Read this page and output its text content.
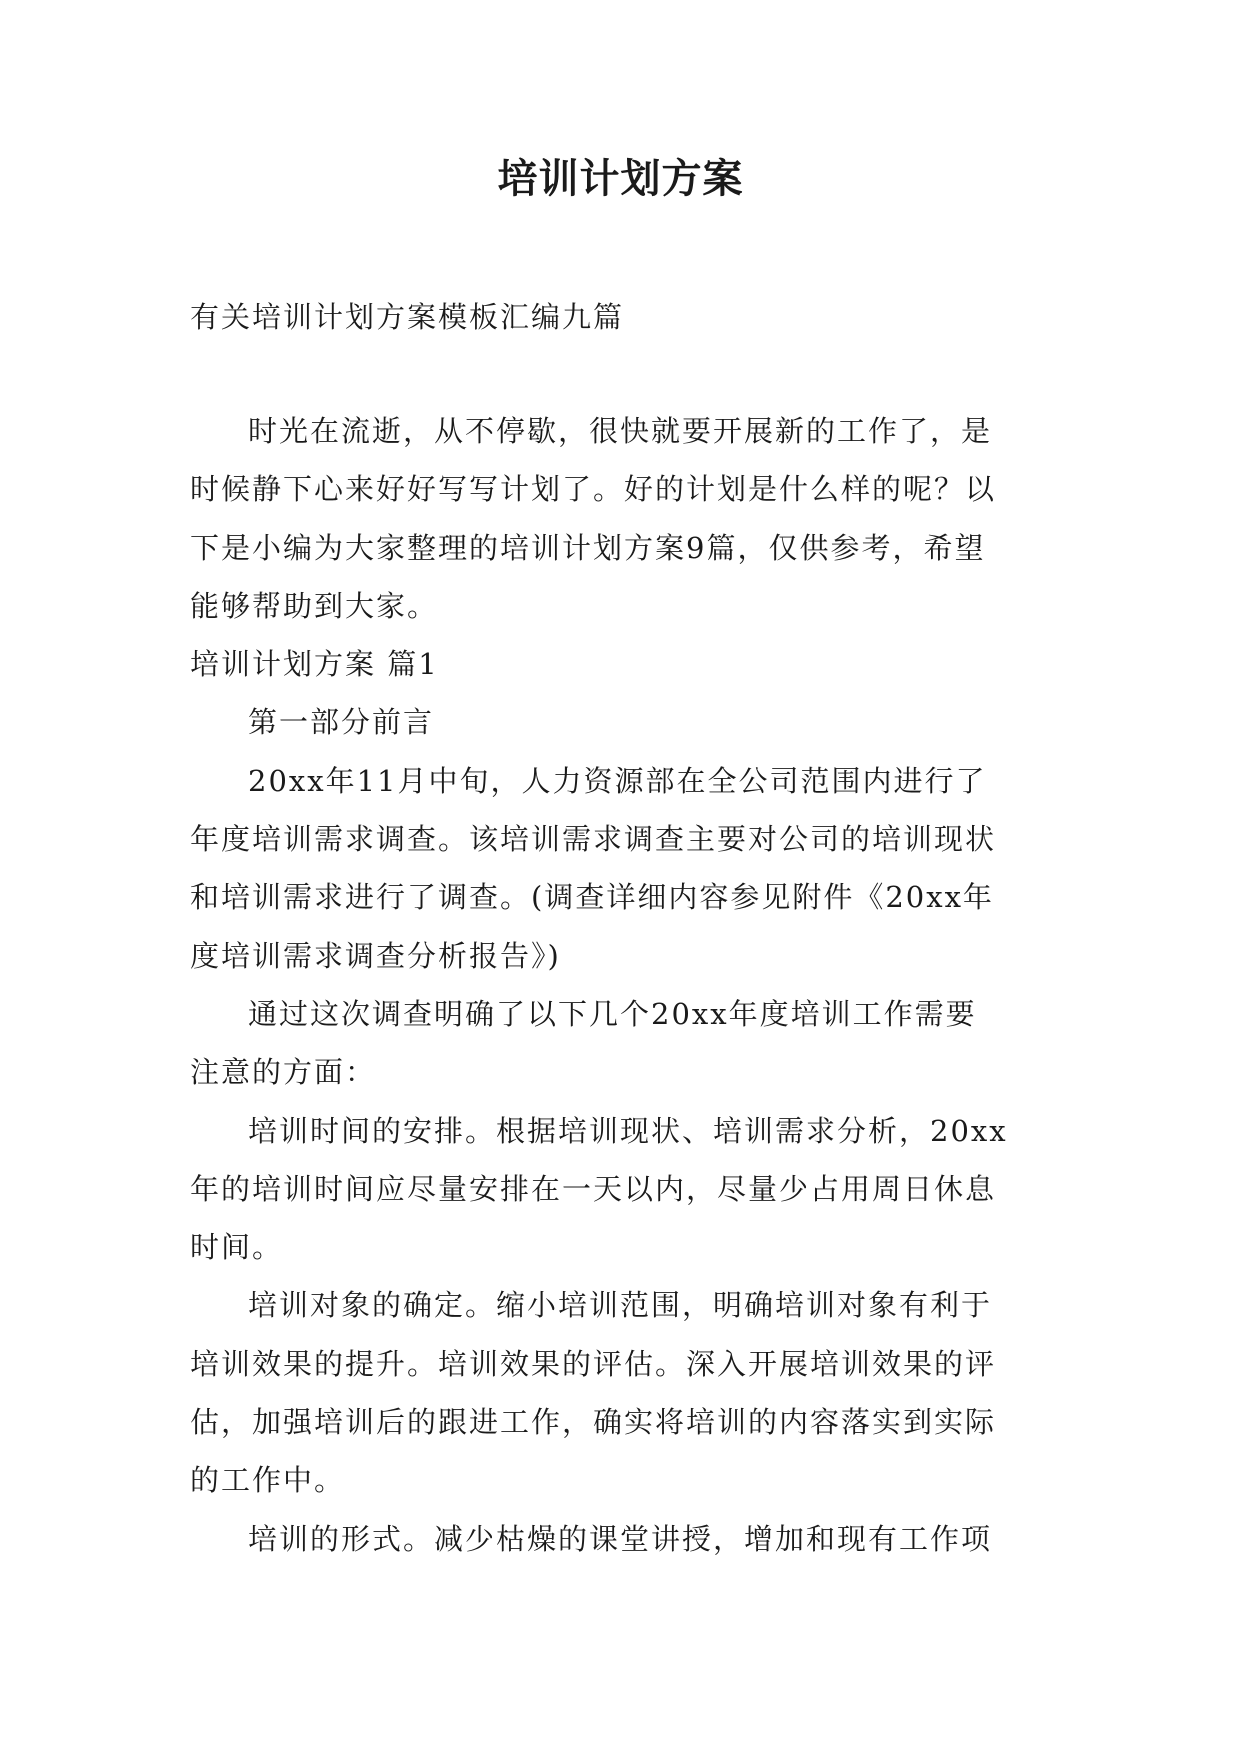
培训计划方案

有关培训计划方案模板汇编九篇

时光在流逝，从不停歇，很快就要开展新的工作了，是
时候静下心来好好写写计划了。好的计划是什么样的呢？以
下是小编为大家整理的培训计划方案9篇，仅供参考，希望
能够帮助到大家。

培训计划方案 篇1

第一部分前言

20xx年11月中旬，人力资源部在全公司范围内进行了
年度培训需求调查。该培训需求调查主要对公司的培训现状
和培训需求进行了调查。(调查详细内容参见附件《20xx年
度培训需求调查分析报告》)

通过这次调查明确了以下几个20xx年度培训工作需要
注意的方面：

培训时间的安排。根据培训现状、培训需求分析，20xx
年的培训时间应尽量安排在一天以内，尽量少占用周日休息
时间。

培训对象的确定。缩小培训范围，明确培训对象有利于
培训效果的提升。培训效果的评估。深入开展培训效果的评
估，加强培训后的跟进工作，确实将培训的内容落实到实际
的工作中。

培训的形式。减少枯燥的课堂讲授，增加和现有工作项
